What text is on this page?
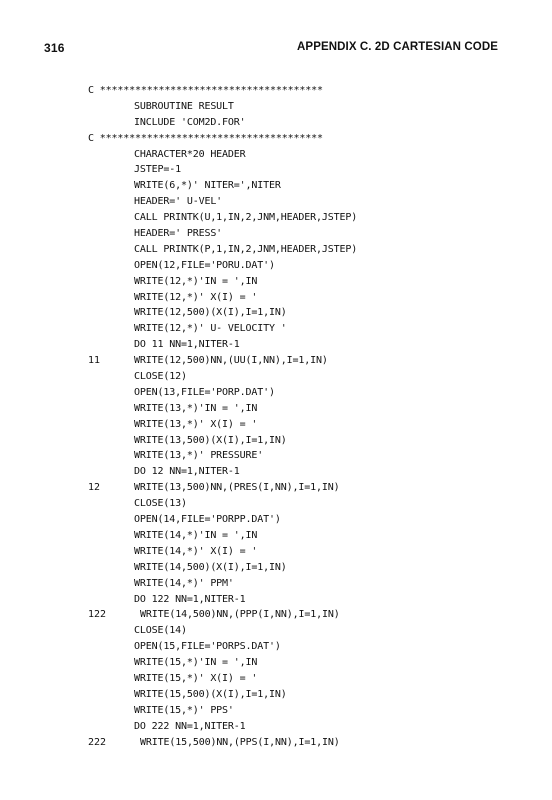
316	APPENDIX C. 2D CARTESIAN CODE
C **************************************
SUBROUTINE RESULT
INCLUDE 'COM2D.FOR'
C **************************************
CHARACTER*20 HEADER
JSTEP=-1
WRITE(6,*)' NITER=',NITER
HEADER=' U-VEL'
CALL PRINTK(U,1,IN,2,JNM,HEADER,JSTEP)
HEADER=' PRESS'
CALL PRINTK(P,1,IN,2,JNM,HEADER,JSTEP)
OPEN(12,FILE='PORU.DAT')
WRITE(12,*)'IN = ',IN
WRITE(12,*)' X(I) = '
WRITE(12,500)(X(I),I=1,IN)
WRITE(12,*)' U- VELOCITY '
DO 11 NN=1,NITER-1
11	WRITE(12,500)NN,(UU(I,NN),I=1,IN)
CLOSE(12)
OPEN(13,FILE='PORP.DAT')
WRITE(13,*)'IN = ',IN
WRITE(13,*)' X(I) = '
WRITE(13,500)(X(I),I=1,IN)
WRITE(13,*)' PRESSURE'
DO 12 NN=1,NITER-1
12	WRITE(13,500)NN,(PRES(I,NN),I=1,IN)
CLOSE(13)
OPEN(14,FILE='PORPP.DAT')
WRITE(14,*)'IN = ',IN
WRITE(14,*)' X(I) = '
WRITE(14,500)(X(I),I=1,IN)
WRITE(14,*)' PPM'
DO 122 NN=1,NITER-1
122	WRITE(14,500)NN,(PPP(I,NN),I=1,IN)
CLOSE(14)
OPEN(15,FILE='PORPS.DAT')
WRITE(15,*)'IN = ',IN
WRITE(15,*)' X(I) = '
WRITE(15,500)(X(I),I=1,IN)
WRITE(15,*)' PPS'
DO 222 NN=1,NITER-1
222	WRITE(15,500)NN,(PPS(I,NN),I=1,IN)
